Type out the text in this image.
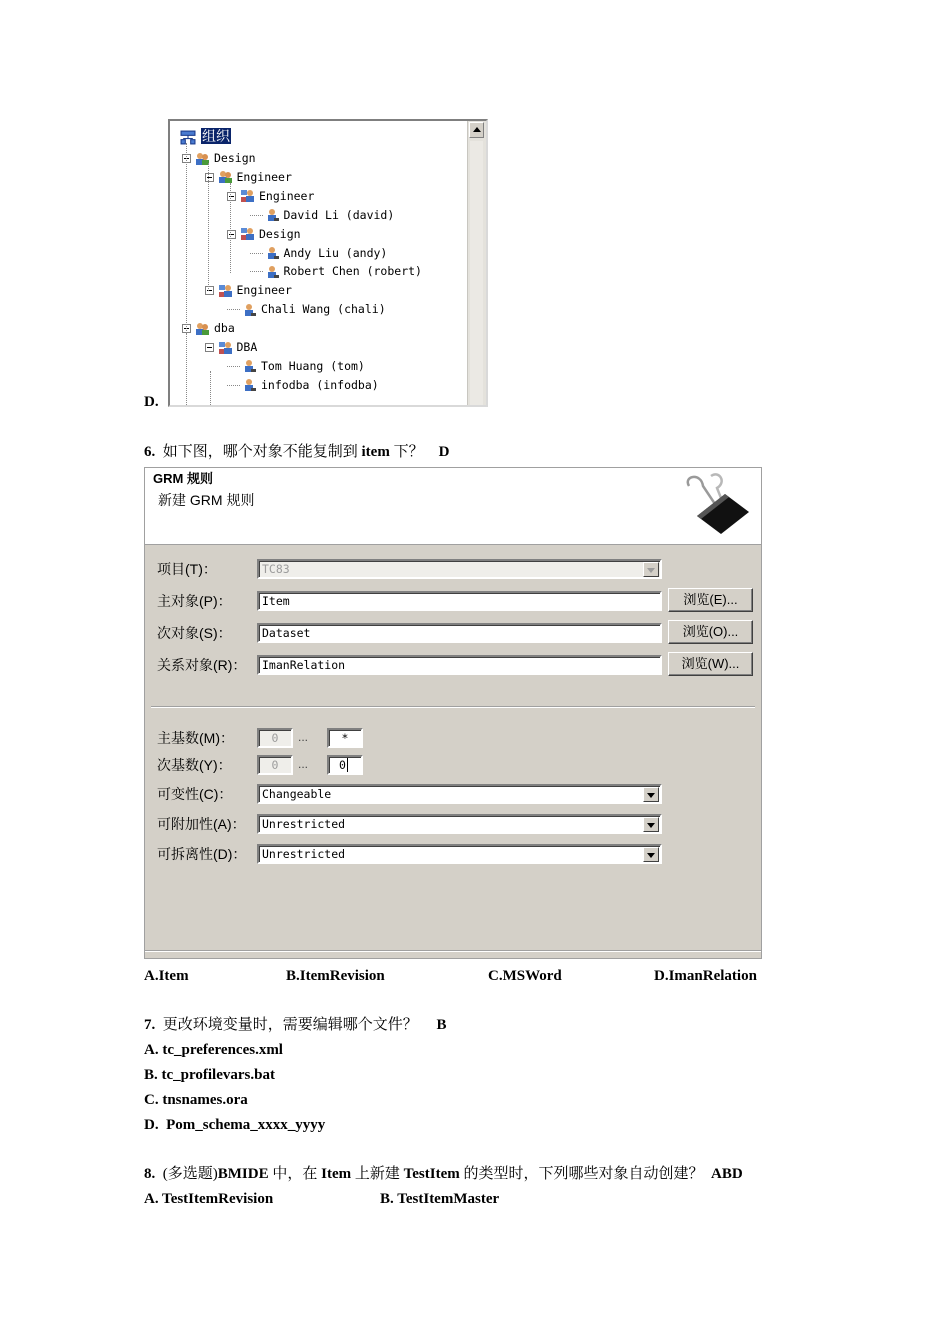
D.
组织
Design
Engineer
Engineer
David Li (david)
Design
Andy Liu (andy)
Robert Chen (robert)
Engineer
Chali Wang (chali)
dba
DBA
Tom Huang (tom)
infodba (infodba)
6. 如下图，哪个对象不能复制到 item 下？ D
GRM 规则
新建 GRM 规则
项目(T)：	TC83
主对象(P)：	Item	浏览(E)...
次对象(S)：	Dataset	浏览(O)...
关系对象(R)：	ImanRelation	浏览(W)...
主基数(M)：	0	...	*
次基数(Y)：	0	...	0
可变性(C)：	Changeable
可附加性(A)：	Unrestricted
可拆离性(D)：	Unrestricted
A.Item	B.ItemRevision	C.MSWord	D.ImanRelation
7. 更改环境变量时，需要编辑哪个文件？ B
A. tc_preferences.xml
B. tc_profilevars.bat
C. tnsnames.ora
D.  Pom_schema_xxxx_yyyy
8. (多选题)BMIDE 中，在 Item 上新建 TestItem 的类型时，下列哪些对象自动创建？ ABD
A. TestItemRevision	B. TestItemMaster
